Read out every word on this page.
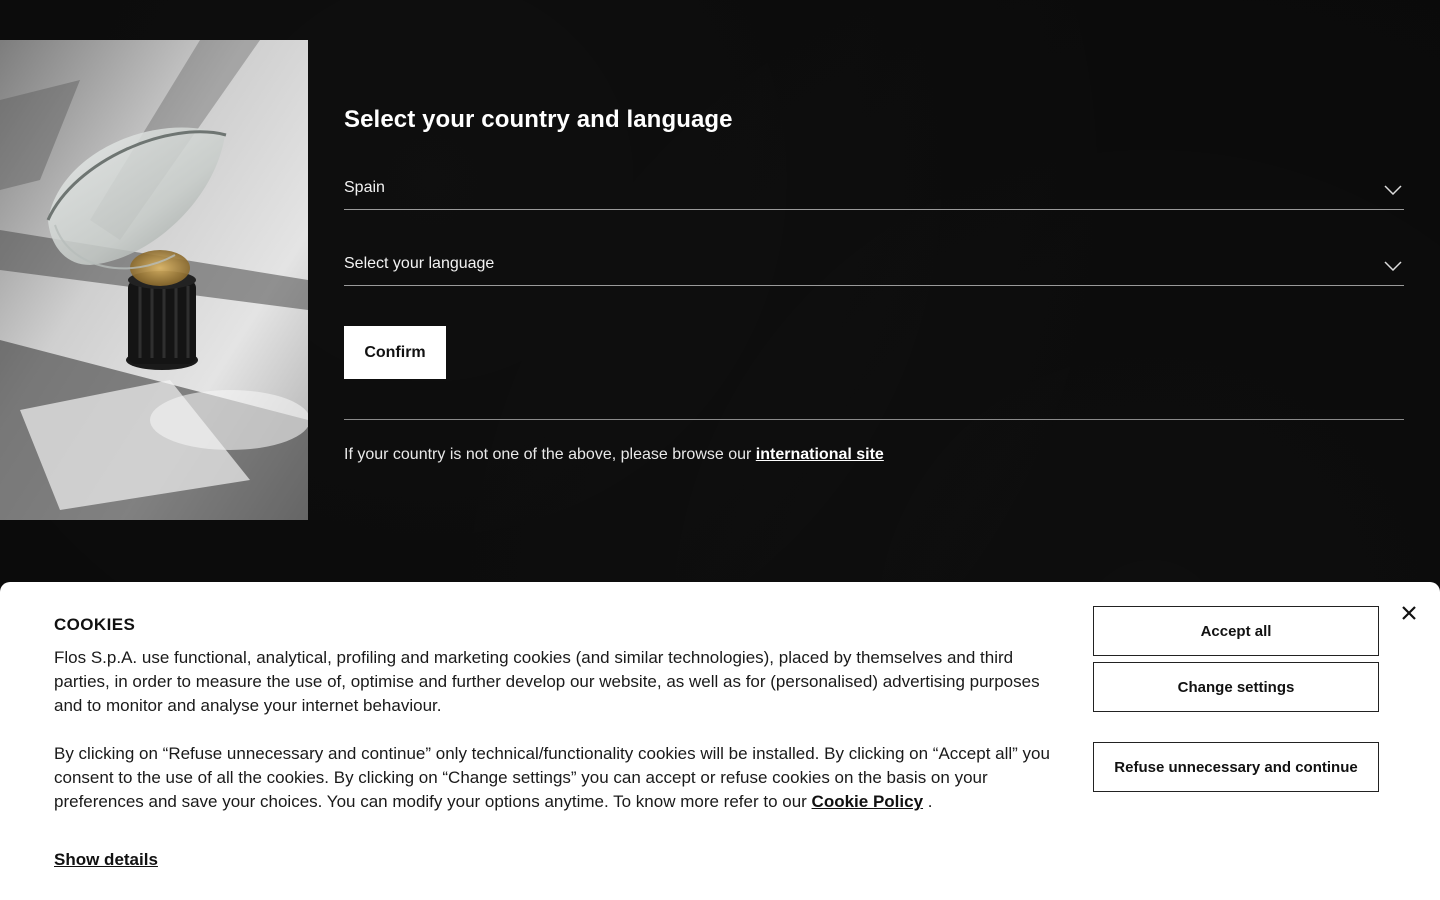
Select your country and language
Spain
Select your language
Confirm

If your country is not one of the above, please browse our international site

COOKIES

Flos S.p.A. use functional, analytical, profiling and marketing cookies (and similar technologies), placed by themselves and third parties, in order to measure the use of, optimise and further develop our website, as well as for (personalised) advertising purposes and to monitor and analyse your internet behaviour.

By clicking on “Refuse unnecessary and continue” only technical/functionality cookies will be installed. By clicking on “Accept all” you consent to the use of all the cookies. By clicking on “Change settings” you can accept or refuse cookies on the basis on your preferences and save your choices. You can modify your options anytime. To know more refer to our Cookie Policy .

Show details
Accept all
Change settings
Refuse unnecessary and continue
